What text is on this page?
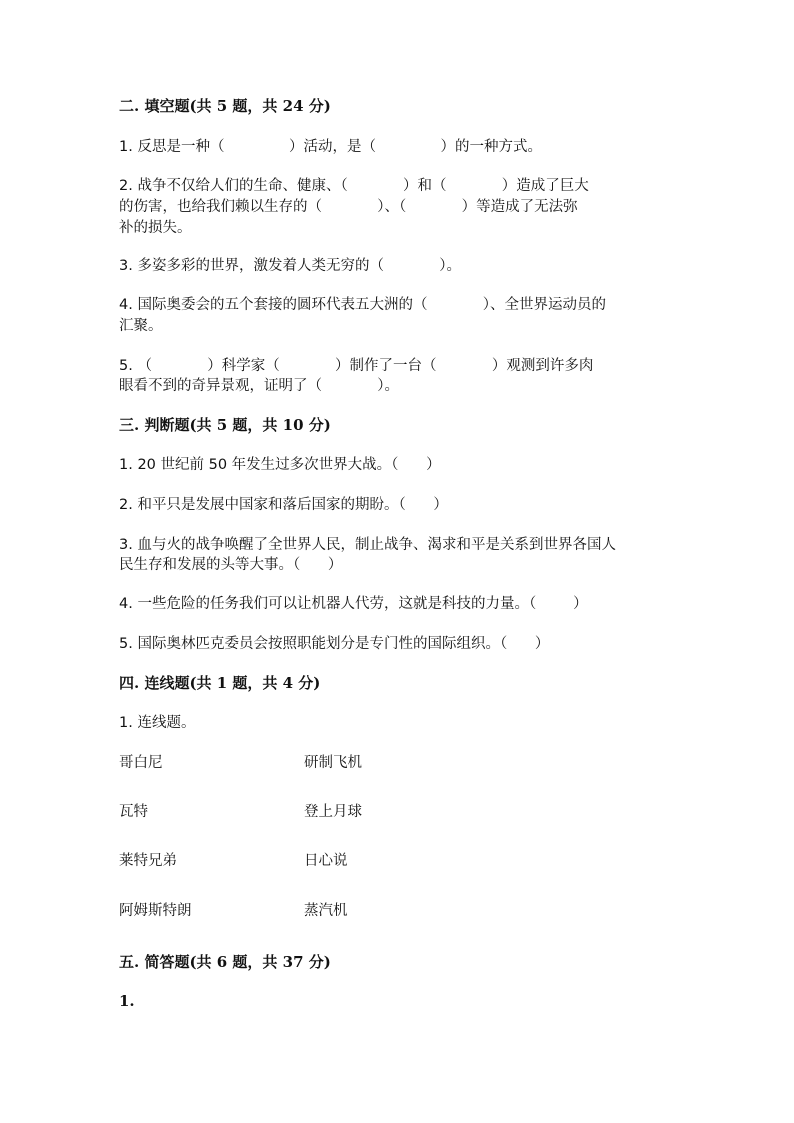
二. 填空题(共 5 题，共 24 分)
1. 反思是一种（              ）活动，是（              ）的一种方式。
2. 战争不仅给人们的生命、健康、（            ）和（            ）造成了巨大
的伤害，也给我们赖以生存的（            ）、（            ）等造成了无法弥
补的损失。
3. 多姿多彩的世界，激发着人类无穷的（            ）。
4. 国际奥委会的五个套接的圆环代表五大洲的（            ）、全世界运动员的
汇聚。
5. （            ）科学家（            ）制作了一台（            ）观测到许多肉
眼看不到的奇异景观，证明了（            ）。
三. 判断题(共 5 题，共 10 分)
1. 20 世纪前 50 年发生过多次世界大战。（      ）
2. 和平只是发展中国家和落后国家的期盼。（      ）
3. 血与火的战争唤醒了全世界人民，制止战争、渴求和平是关系到世界各国人
民生存和发展的头等大事。（      ）
4. 一些危险的任务我们可以让机器人代劳，这就是科技的力量。（        ）
5. 国际奥林匹克委员会按照职能划分是专门性的国际组织。（      ）
四. 连线题(共 1 题，共 4 分)
1. 连线题。
哥白尼	研制飞机
瓦特	登上月球
莱特兄弟	日心说
阿姆斯特朗	蒸汽机
五. 简答题(共 6 题，共 37 分)
1.
